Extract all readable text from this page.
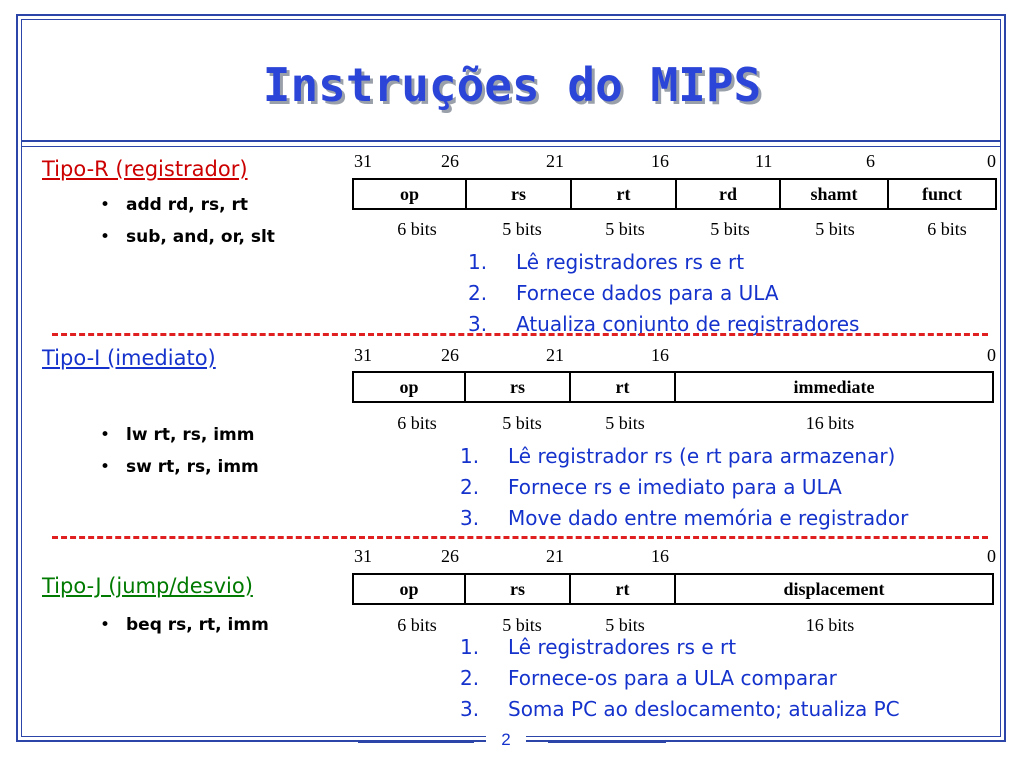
Instruções do MIPS
Tipo-R (registrador)
• add rd, rs, rt
• sub, and, or, slt
31	26	21	16	11	6	0
op	rs	rt	rd	shamt	funct
6 bits	5 bits	5 bits	5 bits	5 bits	6 bits
1. Lê registradores rs e rt
2. Fornece dados para a ULA
3. Atualiza conjunto de registradores
Tipo-I (imediato)
• lw rt, rs, imm
• sw rt, rs, imm
31	26	21	16	0
op	rs	rt	immediate
6 bits	5 bits	5 bits	16 bits
1. Lê registrador rs (e rt para armazenar)
2. Fornece rs e imediato para a ULA
3. Move dado entre memória e registrador
Tipo-J (jump/desvio)
• beq rs, rt, imm
31	26	21	16	0
op	rs	rt	displacement
6 bits	5 bits	5 bits	16 bits
1. Lê registradores rs e rt
2. Fornece-os para a ULA comparar
3. Soma PC ao deslocamento; atualiza PC
2
